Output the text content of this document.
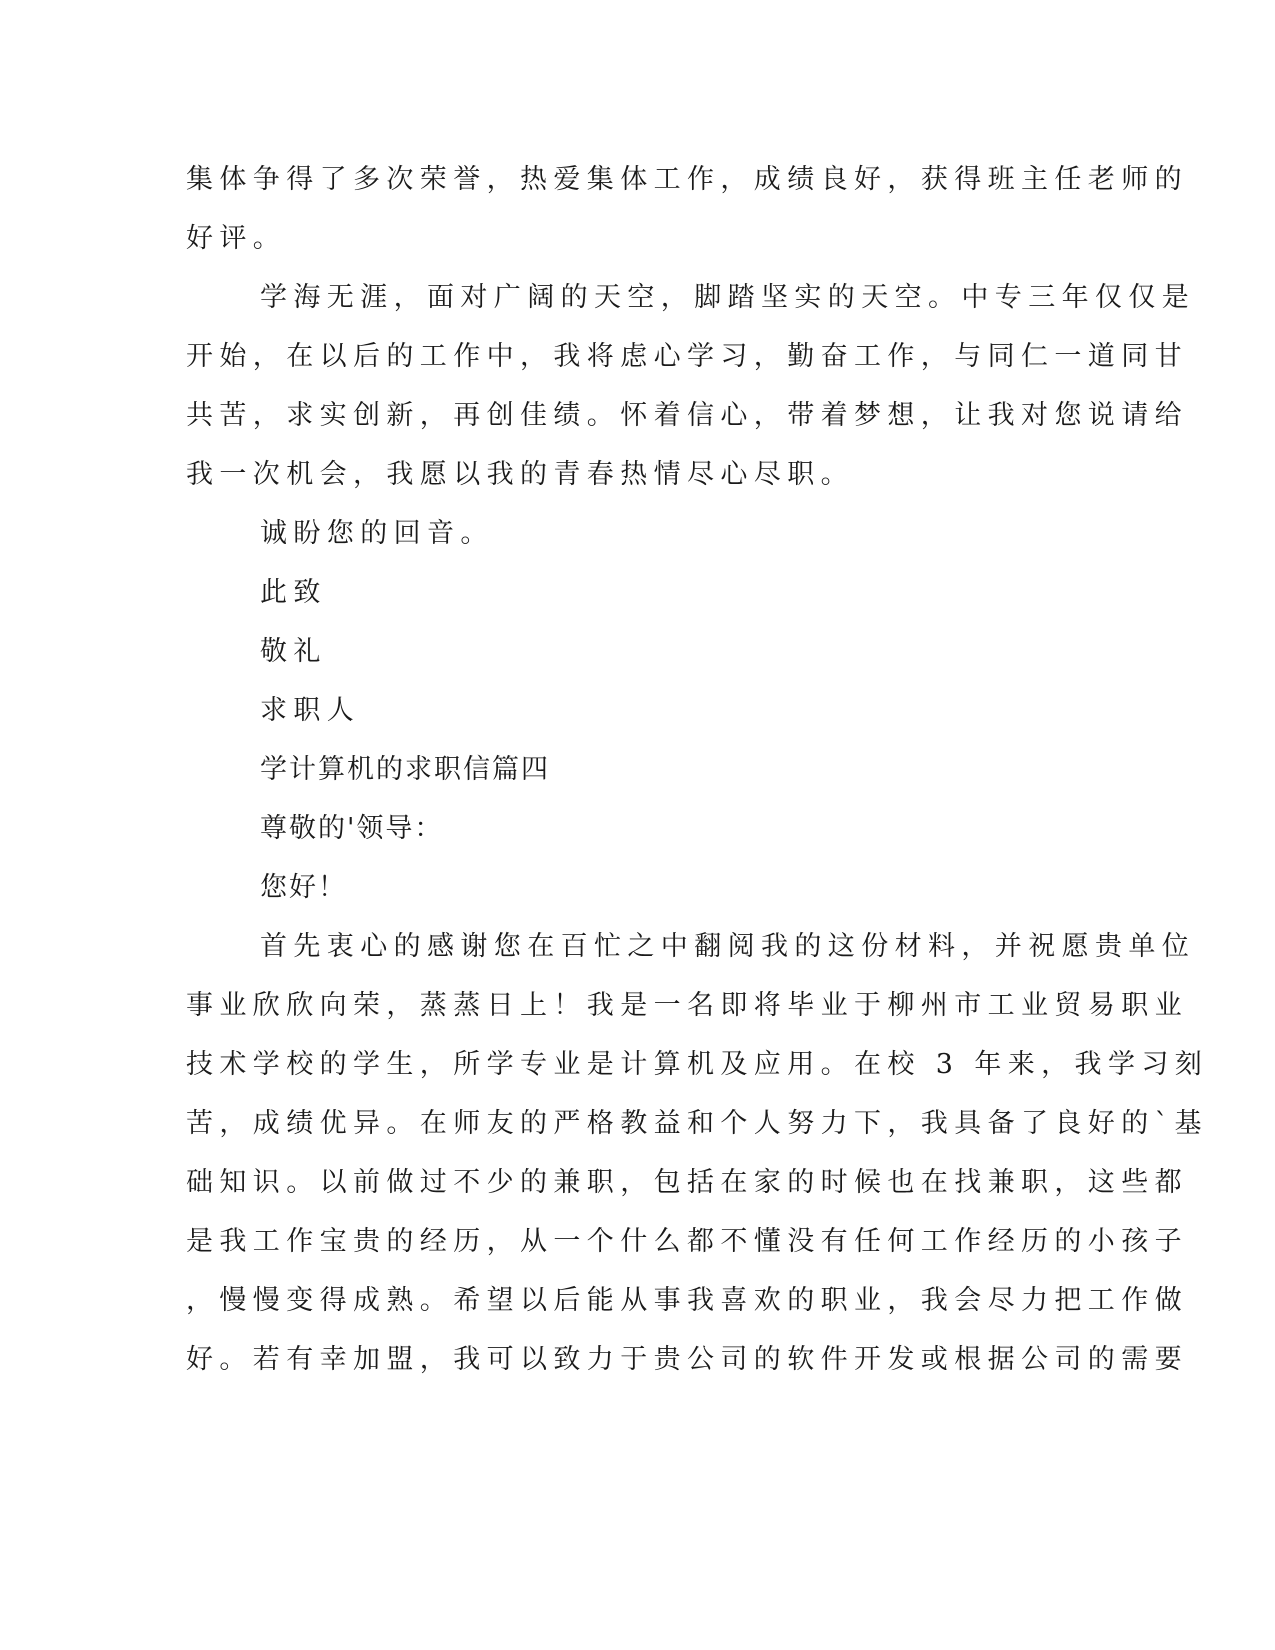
集体争得了多次荣誉，热爱集体工作，成绩良好，获得班主任老师的

好评。

学海无涯，面对广阔的天空，脚踏坚实的天空。中专三年仅仅是

开始，在以后的工作中，我将虑心学习，勤奋工作，与同仁一道同甘

共苦，求实创新，再创佳绩。怀着信心，带着梦想，让我对您说请给

我一次机会，我愿以我的青春热情尽心尽职。

诚盼您的回音。

此致

敬礼

求职人

学计算机的求职信篇四

尊敬的'领导：

您好！

首先衷心的感谢您在百忙之中翻阅我的这份材料，并祝愿贵单位

事业欣欣向荣，蒸蒸日上！我是一名即将毕业于柳州市工业贸易职业

技术学校的学生，所学专业是计算机及应用。在校 3 年来，我学习刻

苦，成绩优异。在师友的严格教益和个人努力下，我具备了良好的`基

础知识。以前做过不少的兼职，包括在家的时候也在找兼职，这些都

是我工作宝贵的经历，从一个什么都不懂没有任何工作经历的小孩子

，慢慢变得成熟。希望以后能从事我喜欢的职业，我会尽力把工作做

好。若有幸加盟，我可以致力于贵公司的软件开发或根据公司的需要
